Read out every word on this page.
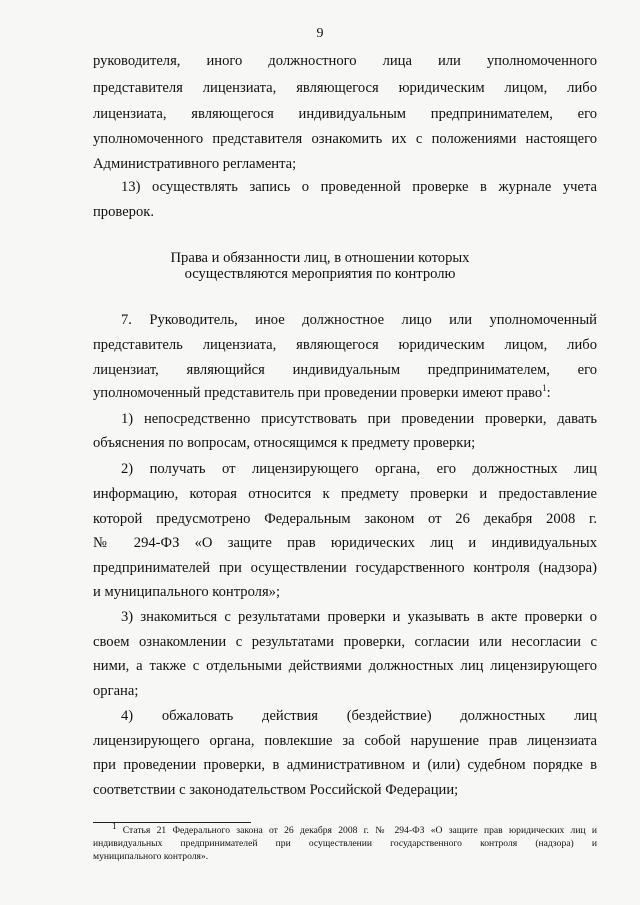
9
руководителя, иного должностного лица или уполномоченного
представителя лицензиата, являющегося юридическим лицом, либо
лицензиата, являющегося индивидуальным предпринимателем, его
уполномоченного представителя ознакомить их с положениями настоящего
Административного регламента;
13) осуществлять запись о проведенной проверке в журнале учета
проверок.
Права и обязанности лиц, в отношении которых
осуществляются мероприятия по контролю
7. Руководитель, иное должностное лицо или уполномоченный
представитель лицензиата, являющегося юридическим лицом, либо
лицензиат, являющийся индивидуальным предпринимателем, его
уполномоченный представитель при проведении проверки имеют право$^1$:
1) непосредственно присутствовать при проведении проверки, давать
объяснения по вопросам, относящимся к предмету проверки;
2) получать от лицензирующего органа, его должностных лиц
информацию, которая относится к предмету проверки и предоставление
которой предусмотрено Федеральным законом от 26 декабря 2008 г.
№ 294-ФЗ «О защите прав юридических лиц и индивидуальных
предпринимателей при осуществлении государственного контроля (надзора)
и муниципального контроля»;
3) знакомиться с результатами проверки и указывать в акте проверки о
своем ознакомлении с результатами проверки, согласии или несогласии с
ними, а также с отдельными действиями должностных лиц лицензирующего
органа;
4) обжаловать действия (бездействие) должностных лиц
лицензирующего органа, повлекшие за собой нарушение прав лицензиата
при проведении проверки, в административном и (или) судебном порядке в
соответствии с законодательством Российской Федерации;
$^1$ Статья 21 Федерального закона от 26 декабря 2008 г. № 294-ФЗ «О защите прав юридических лиц и
индивидуальных предпринимателей при осуществлении государственного контроля (надзора) и
муниципального контроля».
